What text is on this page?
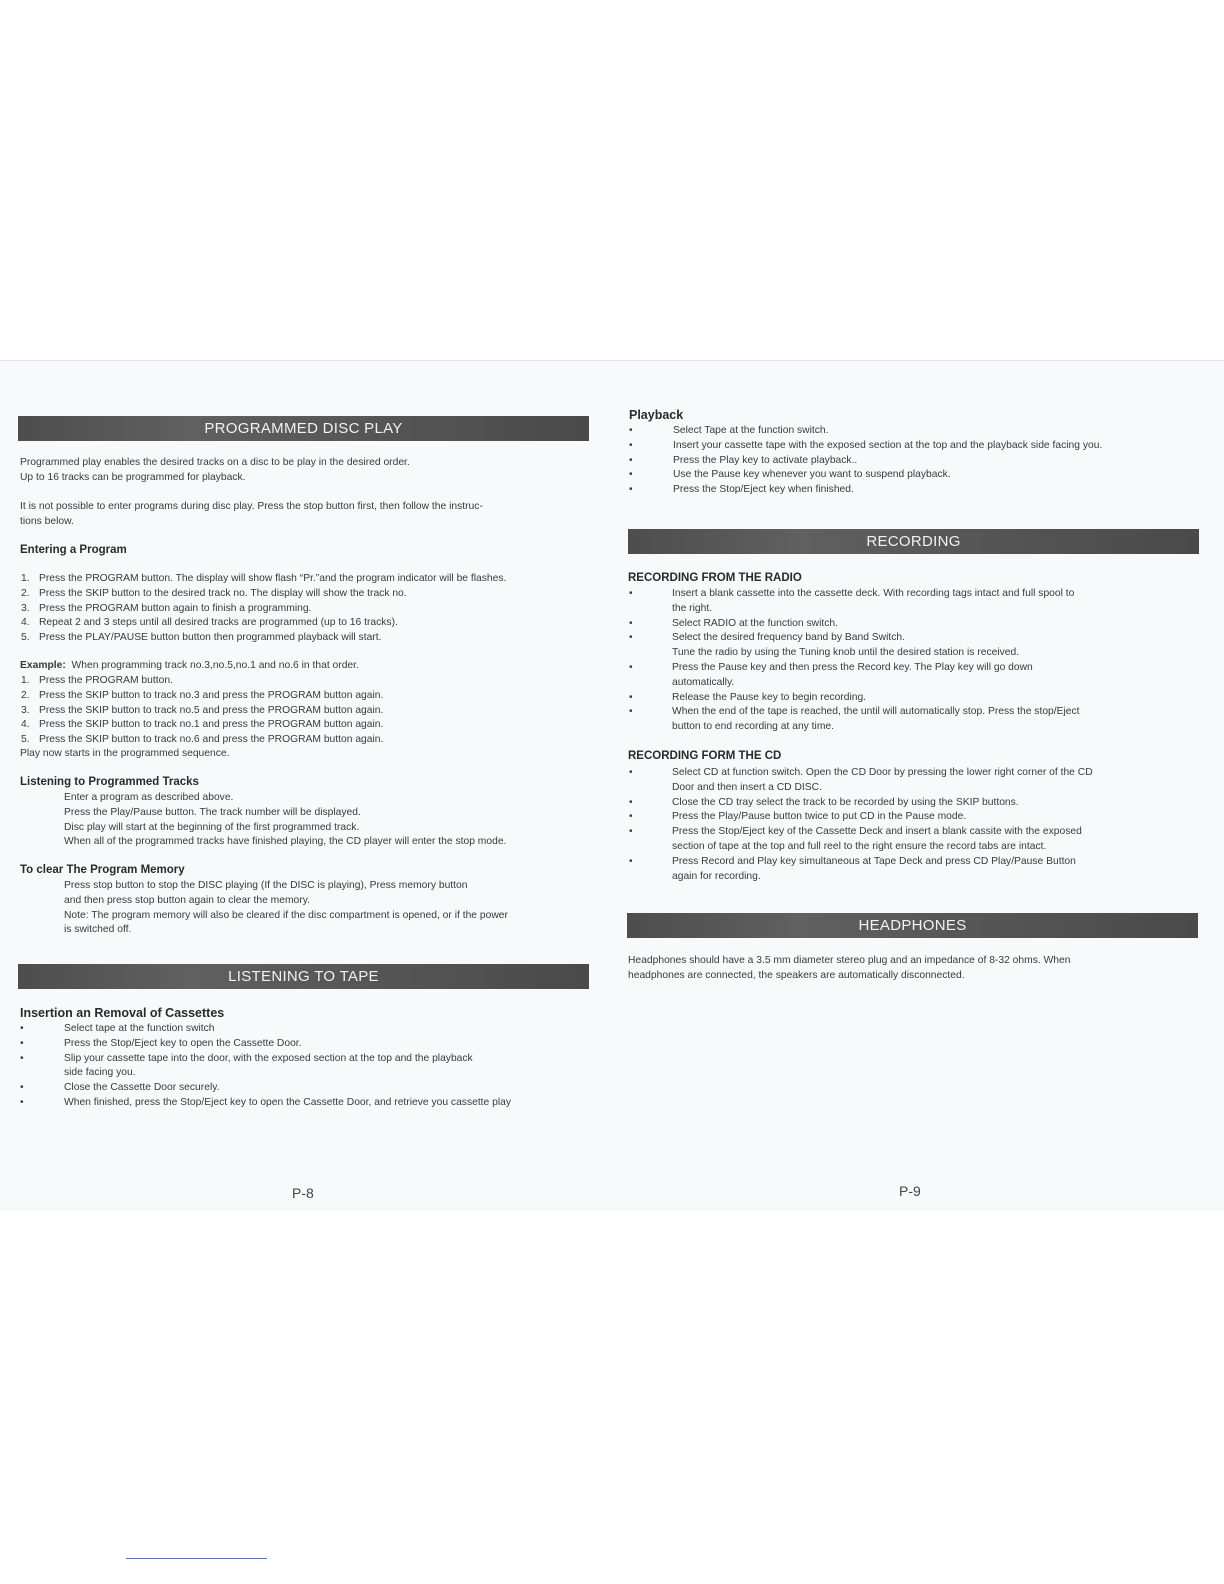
PROGRAMMED DISC PLAY
Programmed play enables the desired tracks on a disc to be play in the desired order.
Up to 16 tracks can be programmed for playback.
It is not possible to enter programs during disc play. Press the stop button first, then follow the instruc-
tions below.
Entering a Program
1. Press the PROGRAM button. The display will show flash “Pr.”and the program indicator will be flashes.
2. Press the SKIP button to the desired track no. The display will show the track no.
3. Press the PROGRAM button again to finish a programming.
4. Repeat 2 and 3 steps until all desired tracks are programmed (up to 16 tracks).
5. Press the PLAY/PAUSE button button then programmed playback will start.
Example: When programming track no.3,no.5,no.1 and no.6 in that order.
1. Press the PROGRAM button.
2. Press the SKIP button to track no.3 and press the PROGRAM button again.
3. Press the SKIP button to track no.5 and press the PROGRAM button again.
4. Press the SKIP button to track no.1 and press the PROGRAM button again.
5. Press the SKIP button to track no.6 and press the PROGRAM button again.
Play now starts in the programmed sequence.
Listening to Programmed Tracks
Enter a program as described above.
Press the Play/Pause button. The track number will be displayed.
Disc play will start at the beginning of the first programmed track.
When all of the programmed tracks have finished playing, the CD player will enter the stop mode.
To clear The Program Memory
Press stop button to stop the DISC playing (If the DISC is playing), Press memory button
and then press stop button again to clear the memory.
Note: The program memory will also be cleared if the disc compartment is opened, or if the power
is switched off.
LISTENING TO TAPE
Insertion an Removal of Cassettes
•	Select tape at the function switch
•	Press the Stop/Eject key to open the Cassette Door.
•	Slip your cassette tape into the door, with the exposed section at the top and the playback
side facing you.
•	Close the Cassette Door securely.
•	When finished, press the Stop/Eject key to open the Cassette Door, and retrieve you cassette play
P-8
Playback
•	Select Tape at the function switch.
•	Insert your cassette tape with the exposed section at the top and the playback side facing you.
•	Press the Play key to activate playback..
•	Use the Pause key whenever you want to suspend playback.
•	Press the Stop/Eject key when finished.
RECORDING
RECORDING FROM THE RADIO
•	Insert a blank cassette into the cassette deck. With recording tags intact and full spool to
the right.
•	Select RADIO at the function switch.
•	Select the desired frequency band by Band Switch.
Tune the radio by using the Tuning knob until the desired station is received.
•	Press the Pause key and then press the Record key. The Play key will go down
automatically.
•	Release the Pause key to begin recording.
•	When the end of the tape is reached, the until will automatically stop. Press the stop/Eject
button to end recording at any time.
RECORDING FORM THE CD
•	Select CD at function switch. Open the CD Door by pressing the lower right corner of the CD
Door and then insert a CD DISC.
•	Close the CD tray select the track to be recorded by using the SKIP buttons.
•	Press the Play/Pause button twice to put CD in the Pause mode.
•	Press the Stop/Eject key of the Cassette Deck and insert a blank cassite with the exposed
section of tape at the top and full reel to the right ensure the record tabs are intact.
•	Press Record and Play key simultaneous at Tape Deck and press CD Play/Pause Button
again for recording.
HEADPHONES
Headphones should have a 3.5 mm diameter stereo plug and an impedance of 8-32 ohms. When
headphones are connected, the speakers are automatically disconnected.
P-9
